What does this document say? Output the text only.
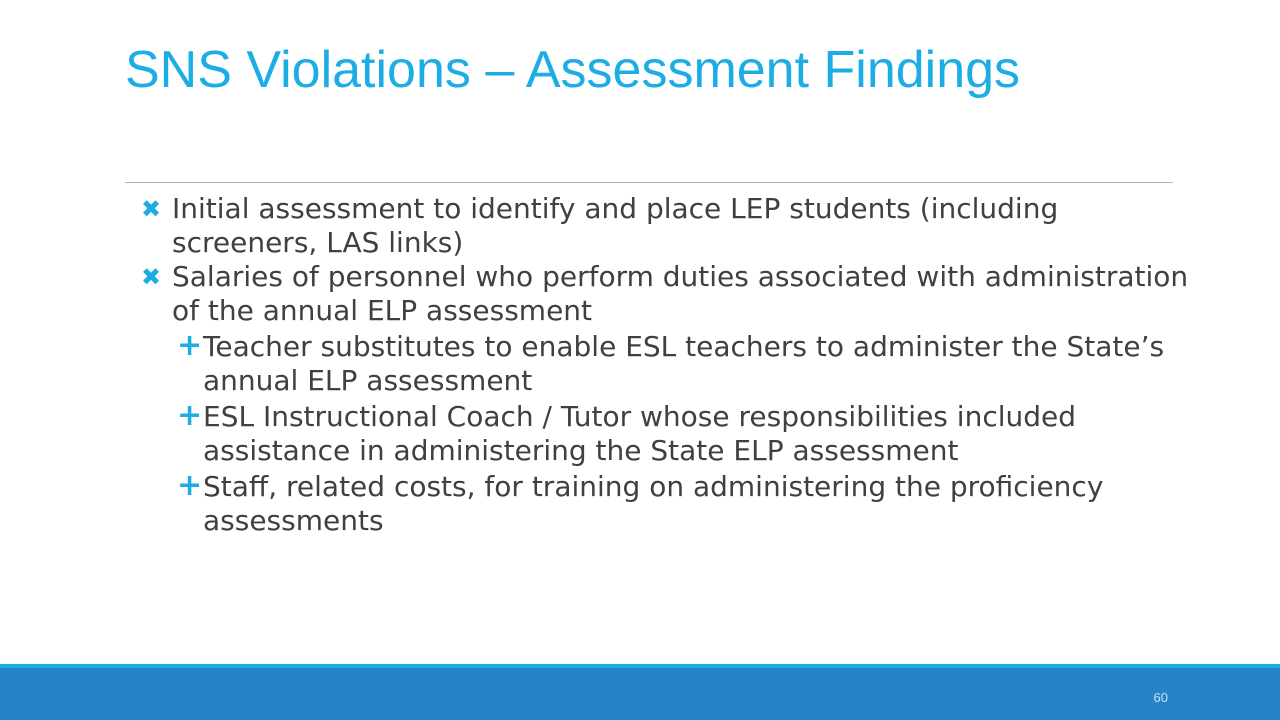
SNS Violations – Assessment Findings
✖ Initial assessment to identify and place LEP students (including screeners, LAS links)
✖ Salaries of personnel who perform duties associated with administration of the annual ELP assessment
+ Teacher substitutes to enable ESL teachers to administer the State’s annual ELP assessment
+ ESL Instructional Coach / Tutor whose responsibilities included assistance in administering the State ELP assessment
+ Staff, related costs, for training on administering the proficiency assessments
60
